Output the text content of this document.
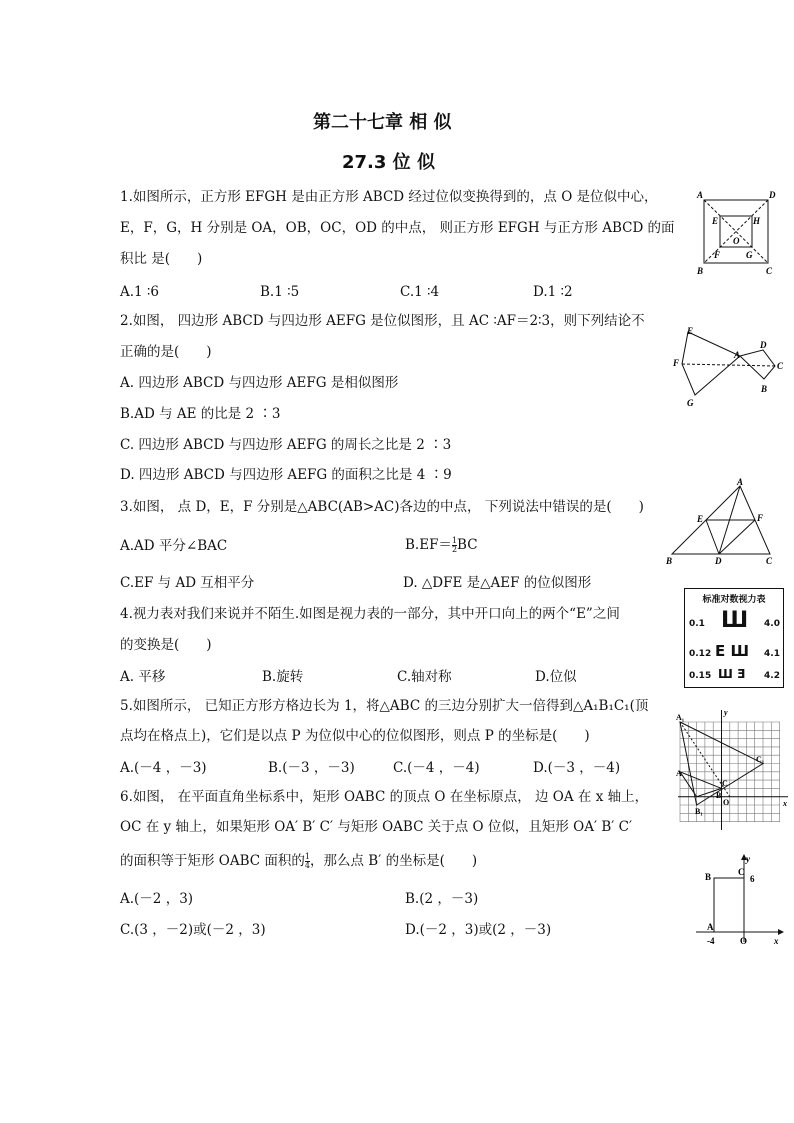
第二十七章 相 似
27.3 位 似
1.如图所示，正方形 EFGH 是由正方形 ABCD 经过位似变换得到的，点 O 是位似中心，
E，F，G，H 分别是 OA，OB，OC，OD 的中点， 则正方形 EFGH 与正方形 ABCD 的面
积比 是(　　)
A.1 ∶6	B.1 ∶5	C.1 ∶4	D.1 ∶2
A	D
E	H
O
F	G
B	C
2.如图， 四边形 ABCD 与四边形 AEFG 是位似图形，且 AC ∶AF＝2∶3，则下列结论不
正确的是(　　)
A. 四边形 ABCD 与四边形 AEFG 是相似图形
B.AD 与 AE 的比是 2 ∶3
C. 四边形 ABCD 与四边形 AEFG 的周长之比是 2 ∶3
D. 四边形 ABCD 与四边形 AEFG 的面积之比是 4 ∶9
E
F
A
D
C
B
G
3.如图， 点 D，E，F 分别是△ABC(AB>AC)各边的中点， 下列说法中错误的是(　　)
A.AD 平分∠BAC	$B.EF= \frac{1}{2}$ BC
C.EF 与 AD 互相平分	D. △DFE 是△AEF 的位似图形
A
E	F
B	D	C
4.视力表对我们来说并不陌生.如图是视力表的一部分，其中开口向上的两个“E”之间
的变换是(　　)
A. 平移	B.旋转	C.轴对称	D.位似
标准对数视力表
0.1 Ш 4.0
0.12 E Ш 4.1
0.15 Ш Ǝ 4.2
5.如图所示， 已知正方形方格边长为 1，将△ABC 的三边分别扩大一倍得到△A₁B₁C₁(顶
点均在格点上)，它们是以点 P 为位似中心的位似图形，则点 P 的坐标是(　　)
A.(－4 ，－3)	B.(－3 ，－3)	C.(－4 ，－4)	D.(－3 ，－4)
y
A₁
C₁
A
C
B
B₁
O	x
6.如图， 在平面直角坐标系中，矩形 OABC 的顶点 O 在坐标原点， 边 OA 在 x 轴上，
OC 在 y 轴上，如果矩形 OA′ B′ C′ 与矩形 OABC 关于点 O 位似，且矩形 OA′ B′ C′
的面积等于矩形 OABC 面积的 $\frac{1}{4}$ ，那么点 B′ 的坐标是(　　)
A.(－2 ，3)	B.(2 ，－3)
C.(3 ，－2)或(－2 ，3)	D.(－2 ，3)或(2 ，－3)
y
B	C
6
A
-4	O	x
